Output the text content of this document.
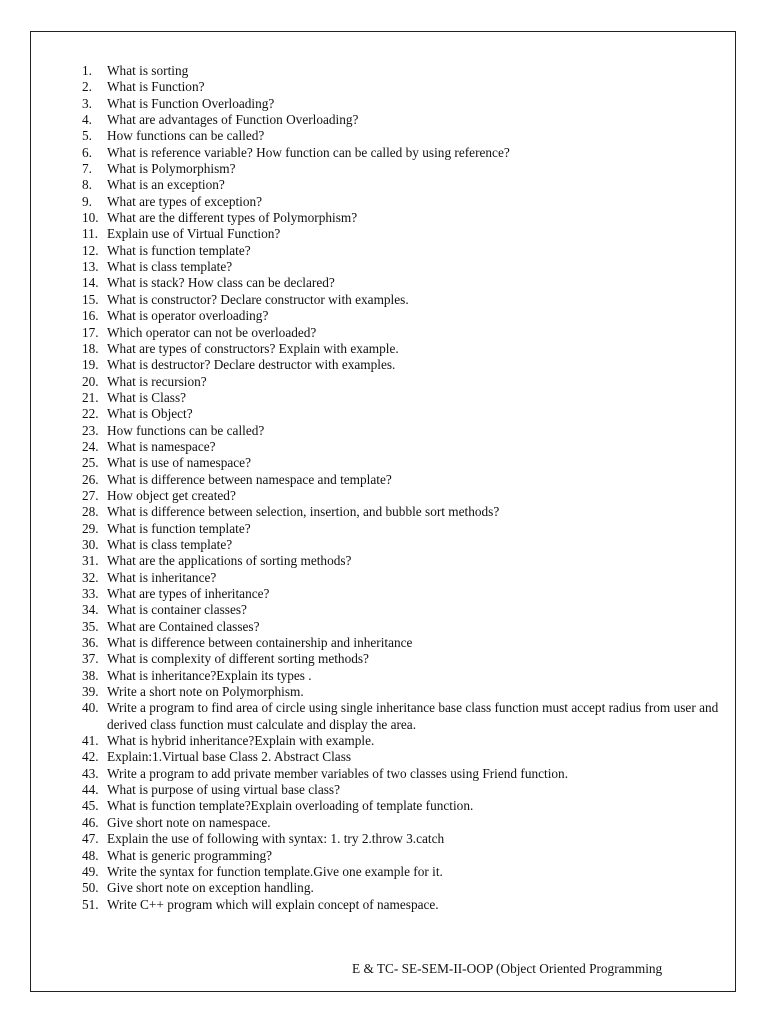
1.	What is sorting
2.	What is Function?
3.	What is Function Overloading?
4.	What are advantages of Function Overloading?
5.	How functions can be called?
6.	What is reference variable? How function can be called by using reference?
7.	What is Polymorphism?
8.	What is an exception?
9.	What are types of exception?
10. What are the different types of Polymorphism?
11. Explain use of Virtual Function?
12. What is function template?
13. What is class template?
14. What is stack? How class can be declared?
15. What is constructor? Declare constructor with examples.
16. What is operator overloading?
17. Which operator can not be overloaded?
18. What are types of constructors? Explain with example.
19. What is destructor? Declare destructor with examples.
20. What is recursion?
21. What is Class?
22. What is Object?
23. How functions can be called?
24. What is namespace?
25. What is use of namespace?
26. What is difference between namespace and template?
27. How object get created?
28. What is difference between selection, insertion, and bubble sort methods?
29. What is function template?
30. What is class template?
31. What are the applications of sorting methods?
32. What is inheritance?
33. What are types of inheritance?
34. What is container classes?
35. What are Contained classes?
36. What is difference between containership and inheritance
37. What is complexity of different sorting methods?
38. What is inheritance?Explain its types .
39. Write a short note on Polymorphism.
40. Write a program to find area of circle using single inheritance base class function must accept radius from user and derived class function must calculate and display the area.
41. What is hybrid inheritance?Explain with example.
42. Explain:1.Virtual base Class 2. Abstract Class
43. Write a program to add private member variables of two classes using Friend function.
44. What is purpose of using virtual base class?
45. What is function template?Explain overloading of template function.
46. Give short note on namespace.
47. Explain the use of following with syntax: 1. try 2.throw 3.catch
48. What is generic programming?
49. Write the syntax for function template.Give one example for it.
50. Give short note on exception handling.
51. Write C++ program which will explain concept of namespace.
E & TC- SE-SEM-II-OOP (Object Oriented Programming
